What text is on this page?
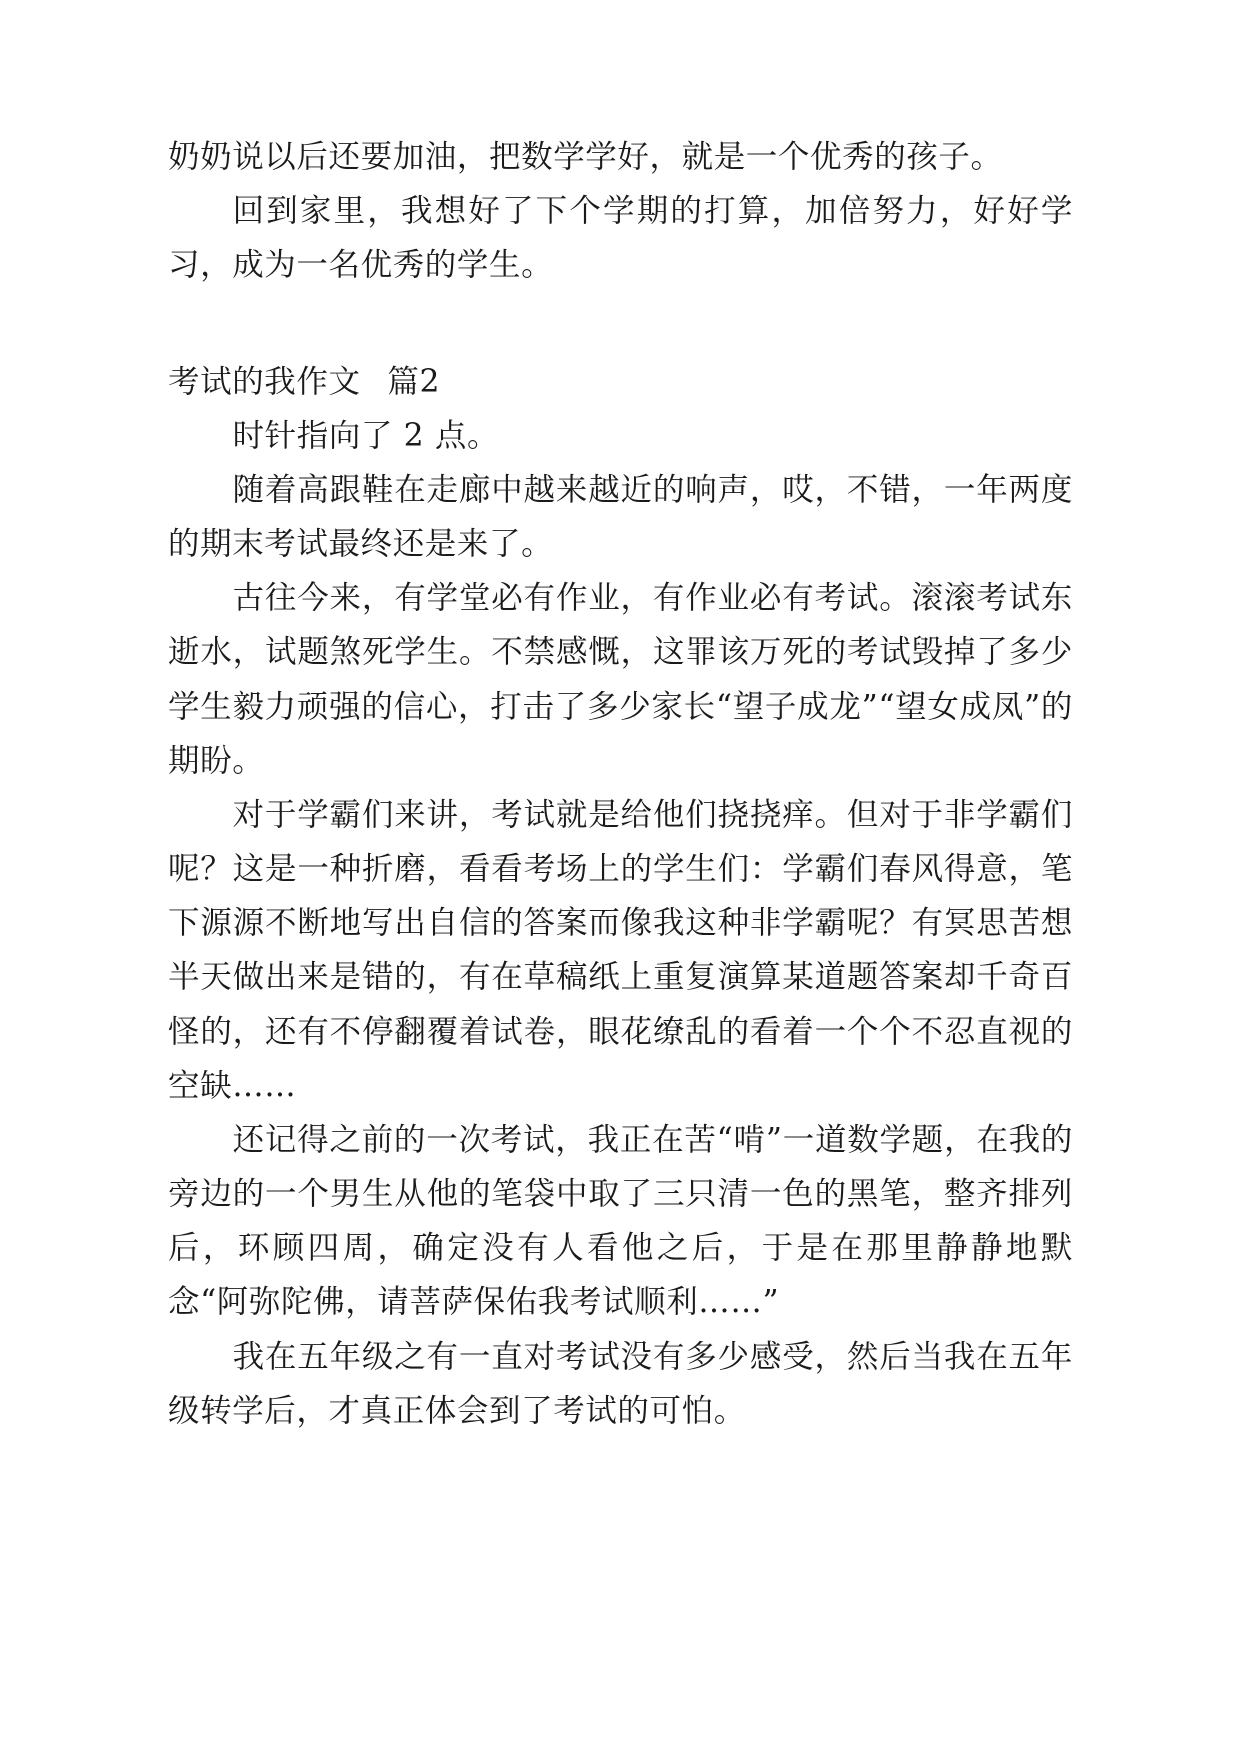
奶奶说以后还要加油，把数学学好，就是一个优秀的孩子。

回到家里，我想好了下个学期的打算，加倍努力，好好学习，成为一名优秀的学生。

考试的我作文 篇2

时针指向了 2 点。

随着高跟鞋在走廊中越来越近的响声，哎，不错，一年两度的期末考试最终还是来了。

古往今来，有学堂必有作业，有作业必有考试。滚滚考试东逝水，试题煞死学生。不禁感慨，这罪该万死的考试毁掉了多少学生毅力顽强的信心，打击了多少家长“望子成龙”“望女成凤”的期盼。

对于学霸们来讲，考试就是给他们挠挠痒。但对于非学霸们呢？这是一种折磨，看看考场上的学生们：学霸们春风得意，笔下源源不断地写出自信的答案而像我这种非学霸呢？有冥思苦想半天做出来是错的，有在草稿纸上重复演算某道题答案却千奇百怪的，还有不停翻覆着试卷，眼花缭乱的看着一个个不忍直视的空缺……

还记得之前的一次考试，我正在苦“啃”一道数学题，在我的旁边的一个男生从他的笔袋中取了三只清一色的黑笔，整齐排列后，环顾四周，确定没有人看他之后，于是在那里静静地默念“阿弥陀佛，请菩萨保佑我考试顺利……”

我在五年级之有一直对考试没有多少感受，然后当我在五年级转学后，才真正体会到了考试的可怕。
